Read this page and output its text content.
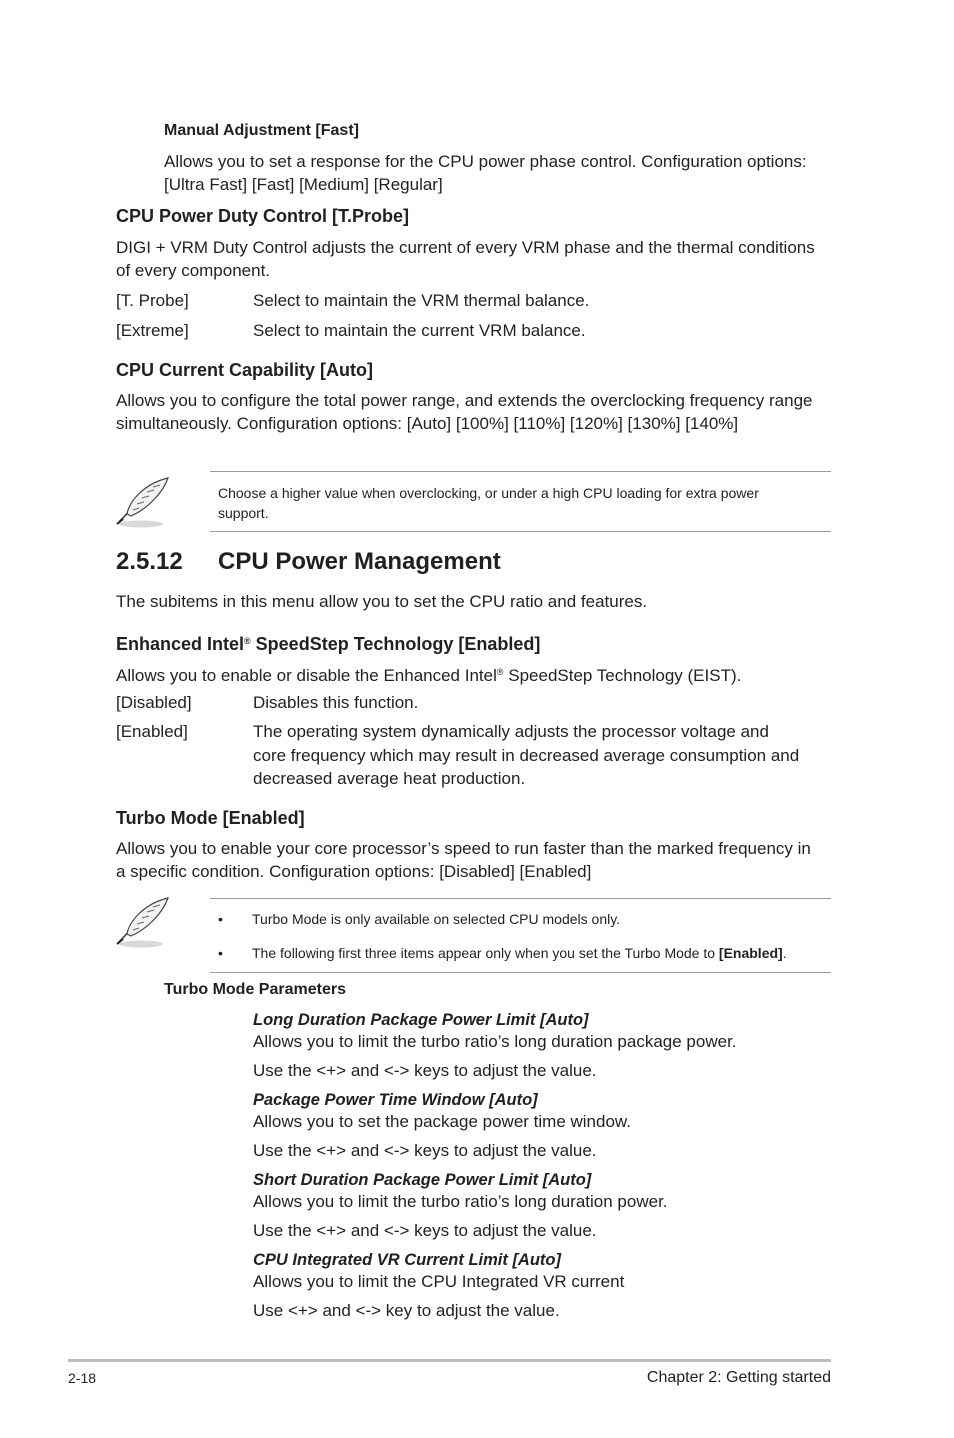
Manual Adjustment [Fast]
Allows you to set a response for the CPU power phase control. Configuration options:
[Ultra Fast] [Fast] [Medium] [Regular]
CPU Power Duty Control [T.Probe]
DIGI + VRM Duty Control adjusts the current of every VRM phase and the thermal conditions
of every component.
[T. Probe]	Select to maintain the VRM thermal balance.
[Extreme]	Select to maintain the current VRM balance.
CPU Current Capability [Auto]
Allows you to configure the total power range, and extends the overclocking frequency range
simultaneously. Configuration options: [Auto] [100%] [110%] [120%] [130%] [140%]
Choose a higher value when overclocking, or under a high CPU loading for extra power
support.
2.5.12 CPU Power Management
The subitems in this menu allow you to set the CPU ratio and features.
Enhanced Intel® SpeedStep Technology [Enabled]
Allows you to enable or disable the Enhanced Intel® SpeedStep Technology (EIST).
[Disabled]	Disables this function.
[Enabled]	The operating system dynamically adjusts the processor voltage and
core frequency which may result in decreased average consumption and
decreased average heat production.
Turbo Mode [Enabled]
Allows you to enable your core processor’s speed to run faster than the marked frequency in
a specific condition. Configuration options: [Disabled] [Enabled]
• Turbo Mode is only available on selected CPU models only.
• The following first three items appear only when you set the Turbo Mode to [Enabled].
Turbo Mode Parameters
Long Duration Package Power Limit [Auto]
Allows you to limit the turbo ratio’s long duration package power.
Use the <+> and <-> keys to adjust the value.
Package Power Time Window [Auto]
Allows you to set the package power time window.
Use the <+> and <-> keys to adjust the value.
Short Duration Package Power Limit [Auto]
Allows you to limit the turbo ratio’s long duration power.
Use the <+> and <-> keys to adjust the value.
CPU Integrated VR Current Limit [Auto]
Allows you to limit the CPU Integrated VR current
Use <+> and <-> key to adjust the value.
2-18	Chapter 2: Getting started
